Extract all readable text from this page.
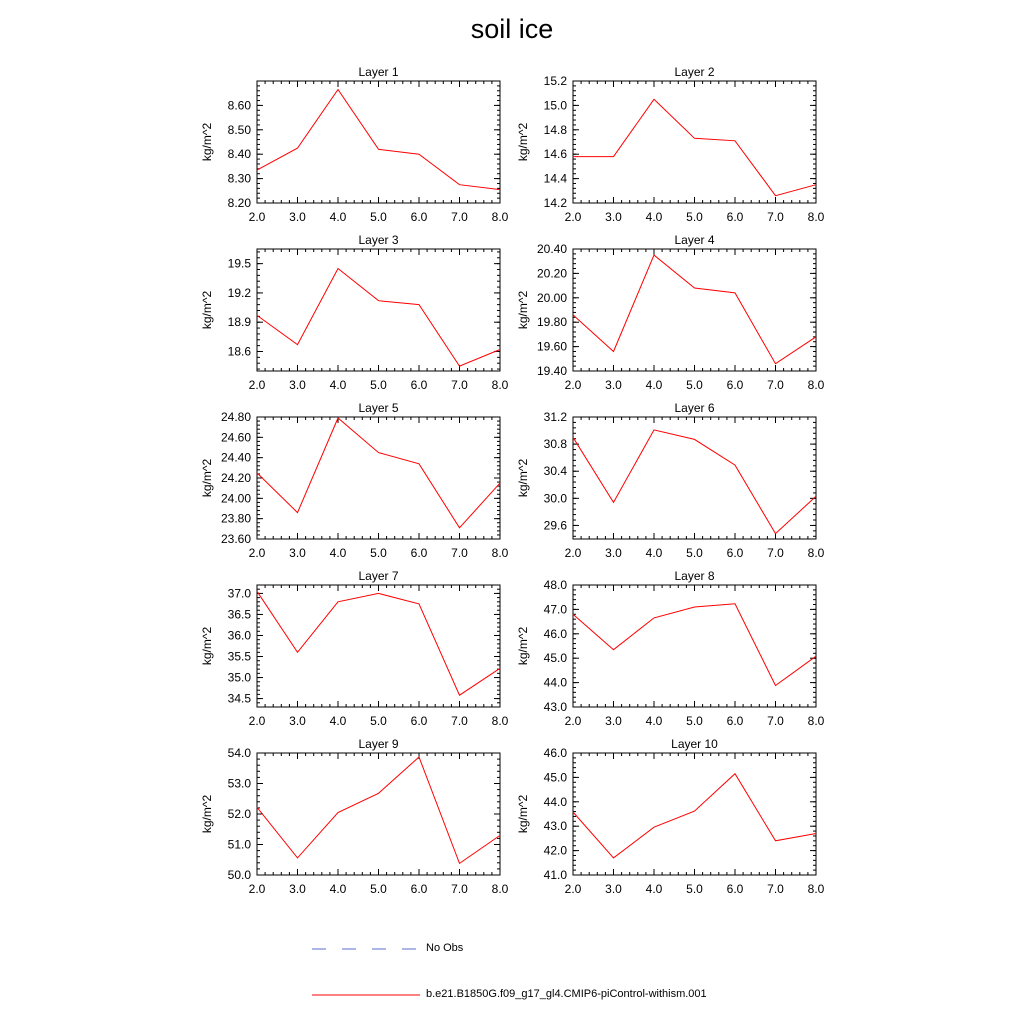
soil ice
Layer 1
kg/m^2
2.0 3.0 4.0 5.0 6.0 7.0 8.0
8.20
8.30
8.40
8.50
8.60
Layer 2
kg/m^2
2.0 3.0 4.0 5.0 6.0 7.0 8.0
14.2
14.4
14.6
14.8
15.0
15.2
Layer 3
kg/m^2
2.0 3.0 4.0 5.0 6.0 7.0 8.0
18.6
18.9
19.2
19.5
Layer 4
kg/m^2
2.0 3.0 4.0 5.0 6.0 7.0 8.0
19.40
19.60
19.80
20.00
20.20
20.40
Layer 5
kg/m^2
2.0 3.0 4.0 5.0 6.0 7.0 8.0
23.60
23.80
24.00
24.20
24.40
24.60
24.80
Layer 6
kg/m^2
2.0 3.0 4.0 5.0 6.0 7.0 8.0
29.6
30.0
30.4
30.8
31.2
Layer 7
kg/m^2
2.0 3.0 4.0 5.0 6.0 7.0 8.0
34.5
35.0
35.5
36.0
36.5
37.0
Layer 8
kg/m^2
2.0 3.0 4.0 5.0 6.0 7.0 8.0
43.0
44.0
45.0
46.0
47.0
48.0
Layer 9
kg/m^2
2.0 3.0 4.0 5.0 6.0 7.0 8.0
50.0
51.0
52.0
53.0
54.0
Layer 10
kg/m^2
2.0 3.0 4.0 5.0 6.0 7.0 8.0
41.0
42.0
43.0
44.0
45.0
46.0
No Obs
b.e21.B1850G.f09_g17_gl4.CMIP6-piControl-withism.001
